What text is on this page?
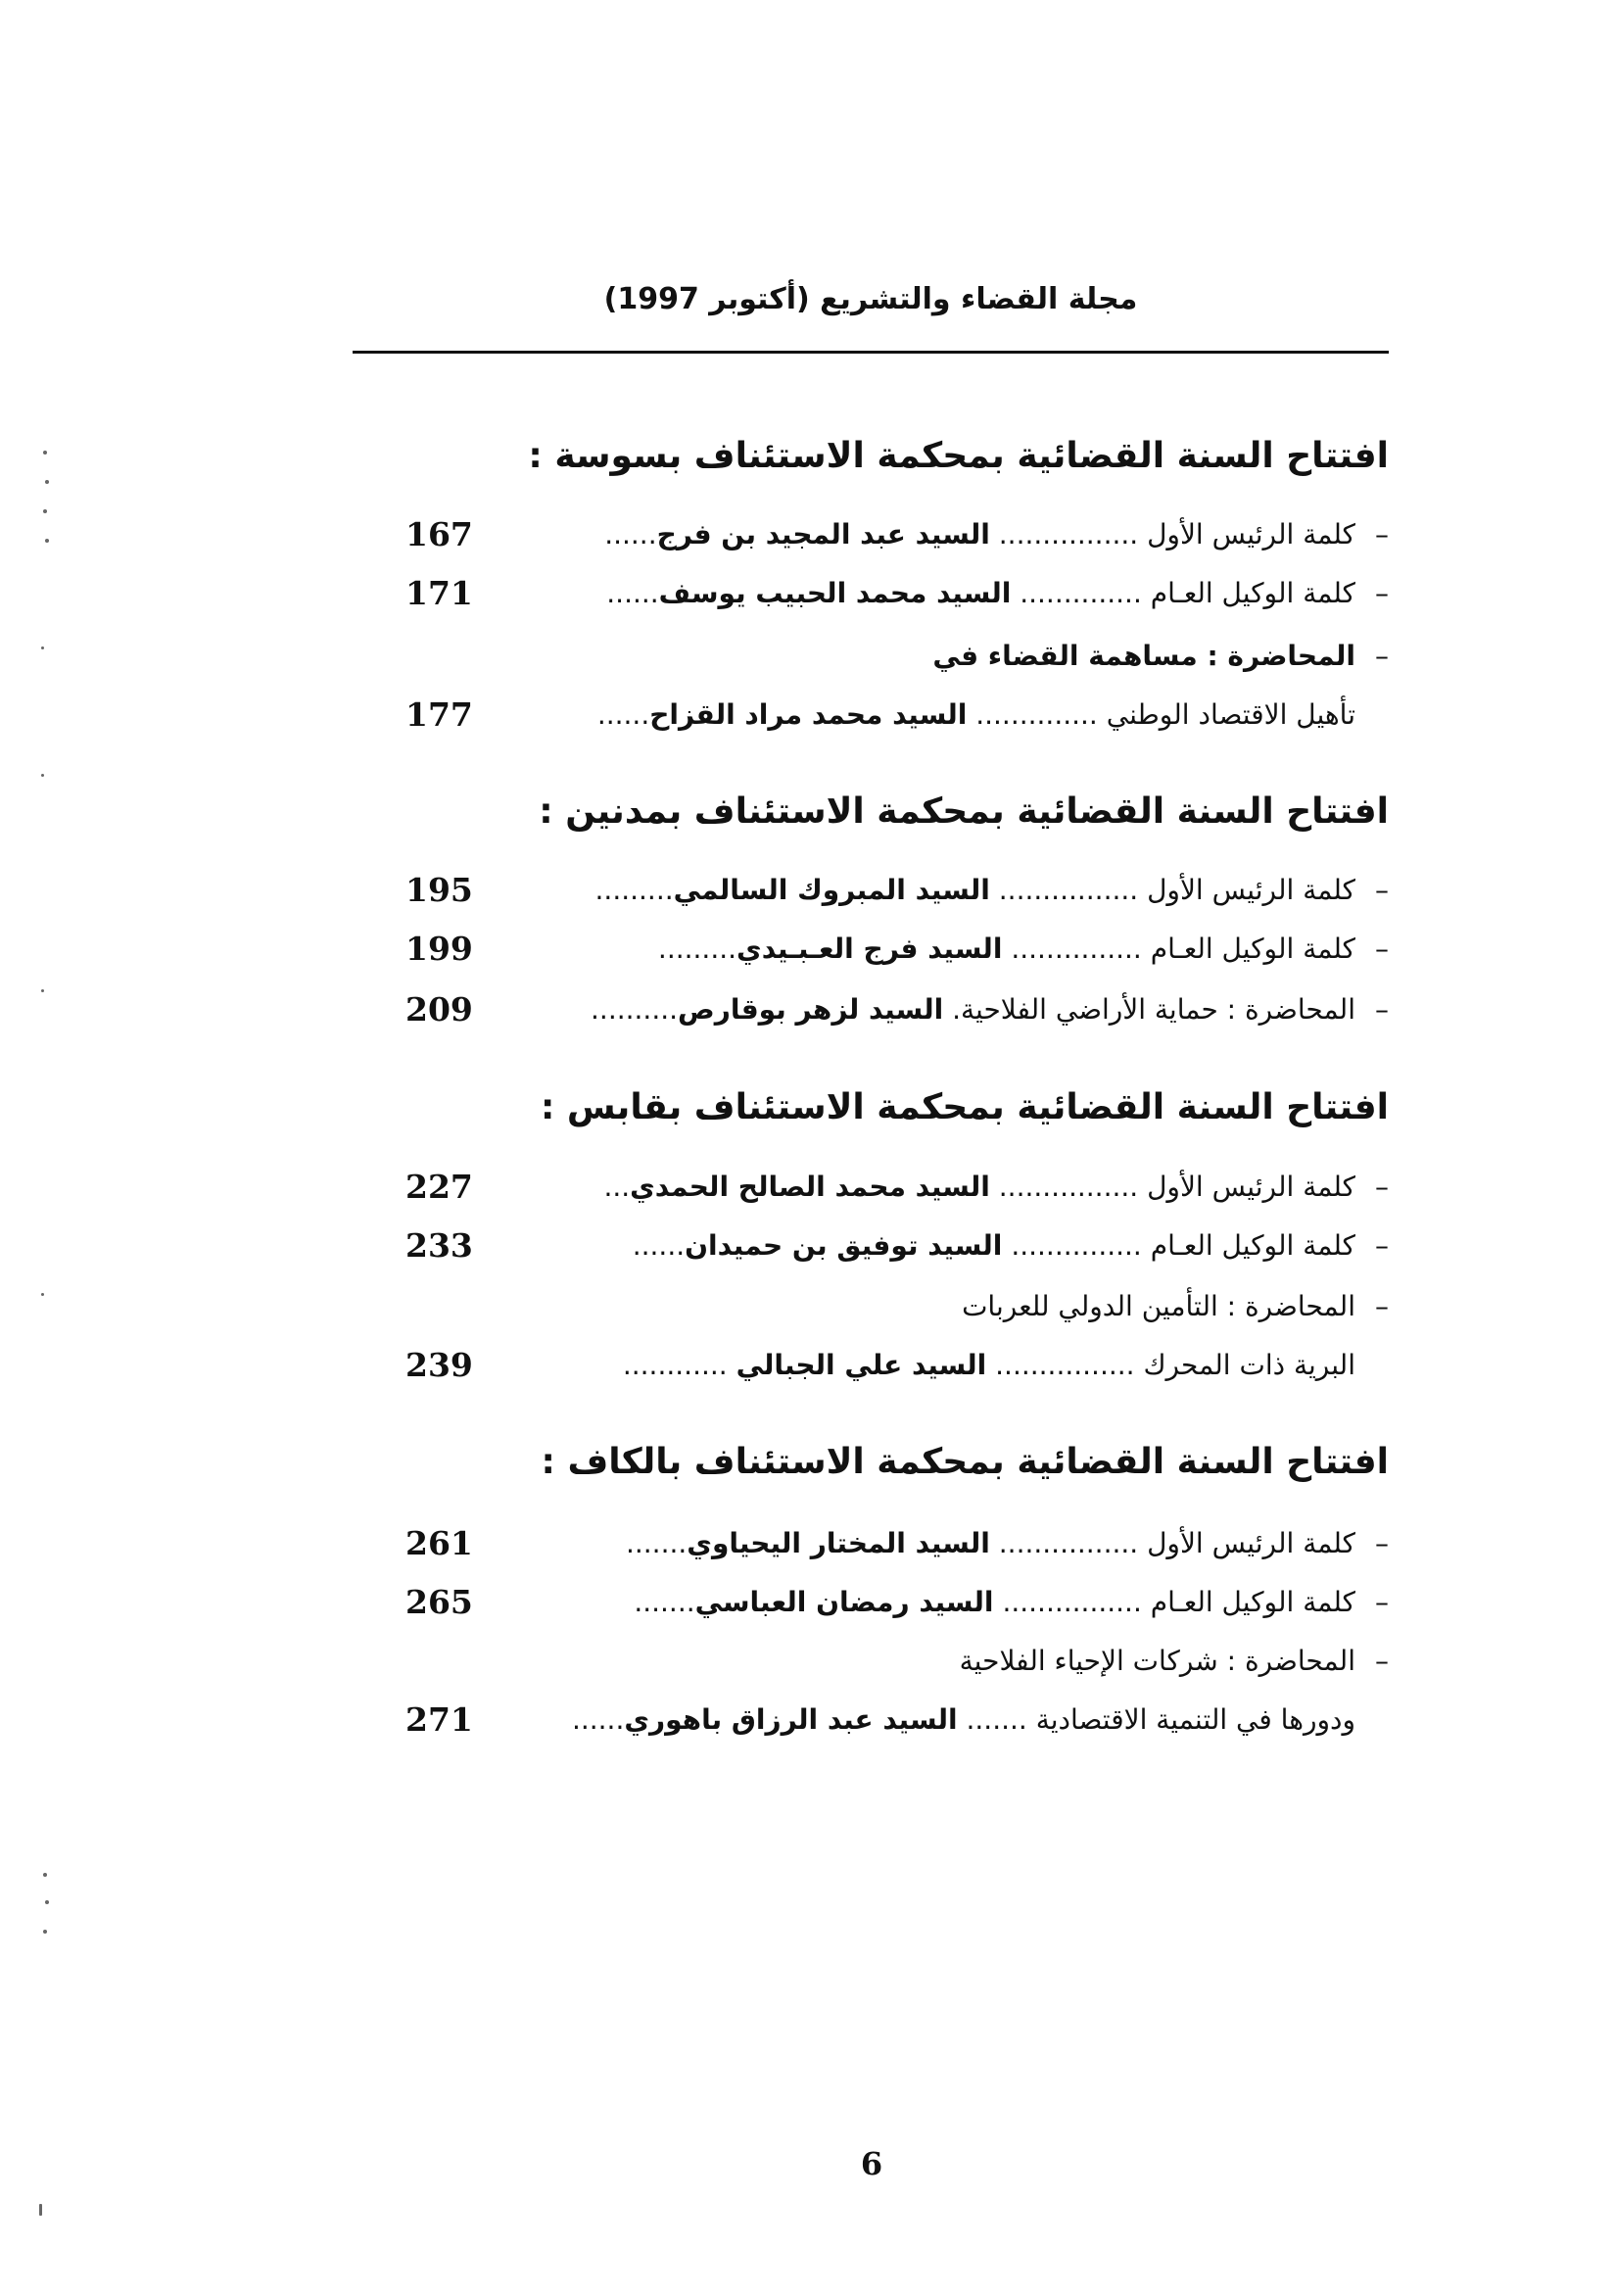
مجلة القضاء والتشريع (أكتوبر 1997)
افتتاح السنة القضائية بمحكمة الاستئناف بسوسة :
–كلمة الرئيس الأول ................ السيد عبد المجيد بن فرج......
167
–كلمة الوكيل العـام .............. السيد محمد الحبيب يوسف......
171
–المحاضرة : مساهمة القضاء في
تأهيل الاقتصاد الوطني .............. السيد محمد مراد القزاح......
177
افتتاح السنة القضائية بمحكمة الاستئناف بمدنين :
–كلمة الرئيس الأول ................ السيد المبروك السالمي.........
195
–كلمة الوكيل العـام ............... السيد فرج العـبـيدي.........
199
–المحاضرة : حماية الأراضي الفلاحية. السيد لزهر بوقارص..........
209
افتتاح السنة القضائية بمحكمة الاستئناف بقابس :
–كلمة الرئيس الأول ................ السيد محمد الصالح الحمدي...
227
–كلمة الوكيل العـام ............... السيد توفيق بن حميدان......
233
–المحاضرة : التأمين الدولي للعربات
البرية ذات المحرك ................ السيد علي الجبالي ............
239
افتتاح السنة القضائية بمحكمة الاستئناف بالكاف :
–كلمة الرئيس الأول ................ السيد المختار اليحياوي.......
261
–كلمة الوكيل العـام ................ السيد رمضان العباسي.......
265
–المحاضرة : شركات الإحياء الفلاحية
ودورها في التنمية الاقتصادية ....... السيد عبد الرزاق باهوري......
271
6
